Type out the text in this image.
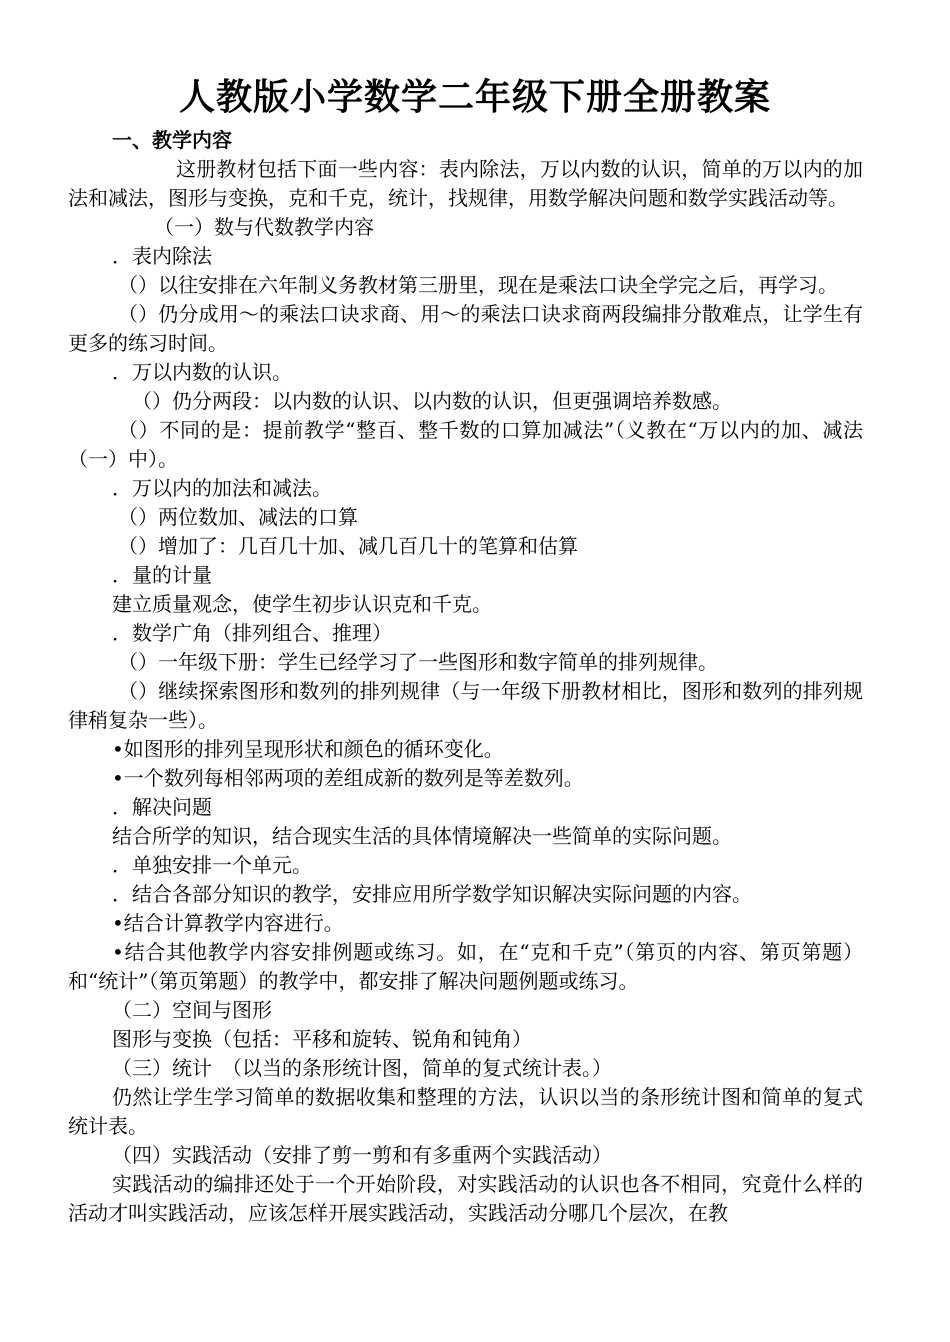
人教版小学数学二年级下册全册教案

一、教学内容

这册教材包括下面一些内容：表内除法，万以内数的认识，简单的万以内的加法和减法，图形与变换，克和千克，统计，找规律，用数学解决问题和数学实践活动等。

（一）数与代数教学内容

．表内除法

（）以往安排在六年制义务教材第三册里，现在是乘法口诀全学完之后，再学习。

（）仍分成用～的乘法口诀求商、用～的乘法口诀求商两段编排分散难点，让学生有更多的练习时间。

．万以内数的认识。

（）仍分两段：以内数的认识、以内数的认识，但更强调培养数感。

（）不同的是：提前教学“整百、整千数的口算加减法”（义教在“万以内的加、减法（一）中）。

．万以内的加法和减法。

（）两位数加、减法的口算

（）增加了：几百几十加、减几百几十的笔算和估算

．量的计量

建立质量观念，使学生初步认识克和千克。

．数学广角（排列组合、推理）

（）一年级下册：学生已经学习了一些图形和数字简单的排列规律。

（）继续探索图形和数列的排列规律（与一年级下册教材相比，图形和数列的排列规律稍复杂一些）。

•如图形的排列呈现形状和颜色的循环变化。

•一个数列每相邻两项的差组成新的数列是等差数列。

．解决问题

结合所学的知识，结合现实生活的具体情境解决一些简单的实际问题。

．单独安排一个单元。

．结合各部分知识的教学，安排应用所学数学知识解决实际问题的内容。

•结合计算教学内容进行。

•结合其他教学内容安排例题或练习。如，在“克和千克”（第页的内容、第页第题）和“统计”（第页第题）的教学中，都安排了解决问题例题或练习。

（二）空间与图形

图形与变换（包括：平移和旋转、锐角和钝角）

（三）统计　（以当的条形统计图，简单的复式统计表。）

仍然让学生学习简单的数据收集和整理的方法，认识以当的条形统计图和简单的复式统计表。

（四）实践活动（安排了剪一剪和有多重两个实践活动）

实践活动的编排还处于一个开始阶段，对实践活动的认识也各不相同，究竟什么样的活动才叫实践活动，应该怎样开展实践活动，实践活动分哪几个层次，在教
